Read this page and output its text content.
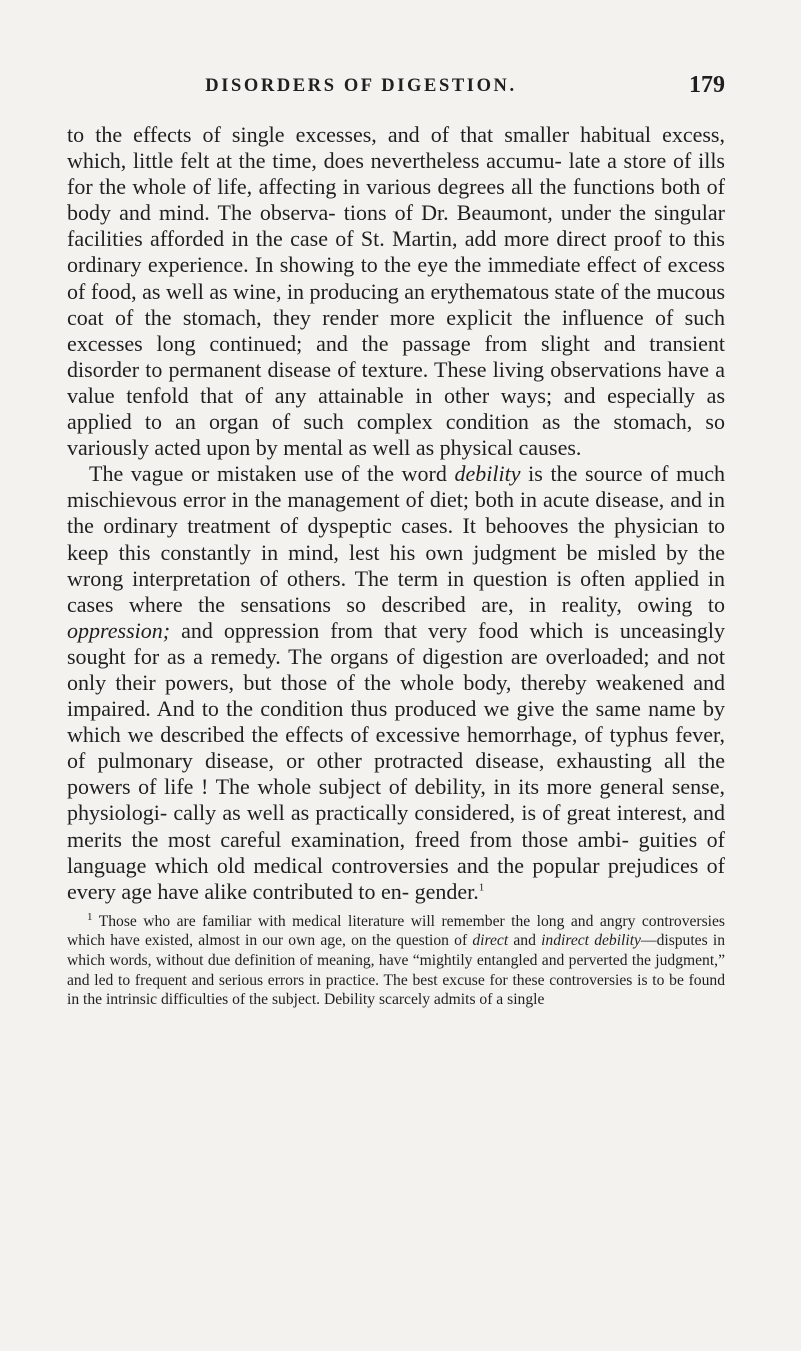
DISORDERS OF DIGESTION.	179

to the effects of single excesses, and of that smaller habitual excess, which, little felt at the time, does nevertheless accumu- late a store of ills for the whole of life, affecting in various degrees all the functions both of body and mind. The observa- tions of Dr. Beaumont, under the singular facilities afforded in the case of St. Martin, add more direct proof to this ordinary experience. In showing to the eye the immediate effect of excess of food, as well as wine, in producing an erythematous state of the mucous coat of the stomach, they render more explicit the influence of such excesses long continued; and the passage from slight and transient disorder to permanent disease of texture. These living observations have a value tenfold that of any attainable in other ways; and especially as applied to an organ of such complex condition as the stomach, so variously acted upon by mental as well as physical causes.

The vague or mistaken use of the word debility is the source of much mischievous error in the management of diet; both in acute disease, and in the ordinary treatment of dyspeptic cases. It behooves the physician to keep this constantly in mind, lest his own judgment be misled by the wrong interpretation of others. The term in question is often applied in cases where the sensations so described are, in reality, owing to oppression; and oppression from that very food which is unceasingly sought for as a remedy. The organs of digestion are overloaded; and not only their powers, but those of the whole body, thereby weakened and impaired. And to the condition thus produced we give the same name by which we described the effects of excessive hemorrhage, of typhus fever, of pulmonary disease, or other protracted disease, exhausting all the powers of life ! The whole subject of debility, in its more general sense, physiologi- cally as well as practically considered, is of great interest, and merits the most careful examination, freed from those ambi- guities of language which old medical controversies and the popular prejudices of every age have alike contributed to en- gender.$^1$

$^1$ Those who are familiar with medical literature will remember the long and angry controversies which have existed, almost in our own age, on the question of direct and indirect debility—disputes in which words, without due definition of meaning, have “mightily entangled and perverted the judgment,” and led to frequent and serious errors in practice. The best excuse for these controversies is to be found in the intrinsic difficulties of the subject. Debility scarcely admits of a single
